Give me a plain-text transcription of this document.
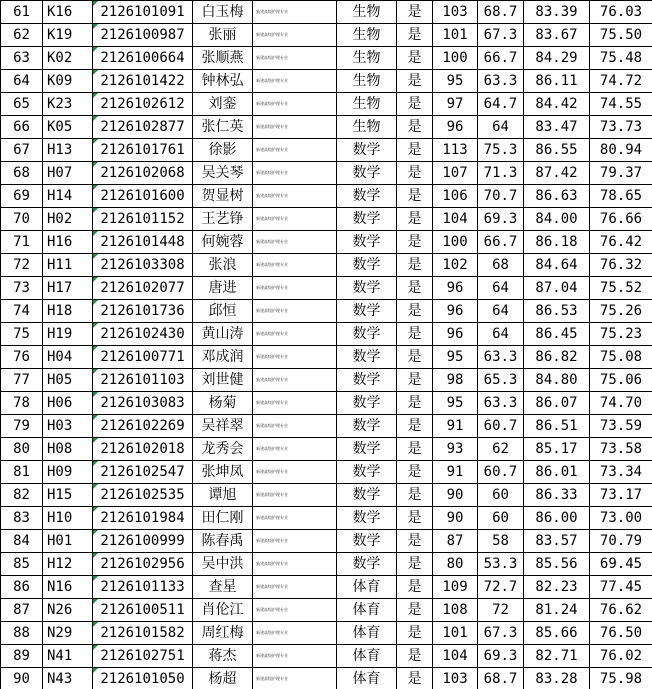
61	K16	2126101091	白玉梅	新建高级护理专业	生物	是	103	68.7	83.39	76.03
62	K19	2126100987	张丽	新建高级护理专业	生物	是	101	67.3	83.67	75.50
63	K02	2126100664	张顺燕	新建高级护理专业	生物	是	100	66.7	84.29	75.48
64	K09	2126101422	钟林弘	新建高级护理专业	生物	是	95	63.3	86.11	74.72
65	K23	2126102612	刘銮	新建高级护理专业	生物	是	97	64.7	84.42	74.55
66	K05	2126102877	张仁英	新建高级护理专业	生物	是	96	64	83.47	73.73
67	H13	2126101761	徐影	新建高级护理专业	数学	是	113	75.3	86.55	80.94
68	H07	2126102068	吴关琴	新建高级护理专业	数学	是	107	71.3	87.42	79.37
69	H14	2126101600	贺显树	新建高级护理专业	数学	是	106	70.7	86.63	78.65
70	H02	2126101152	王艺铮	新建高级护理专业	数学	是	104	69.3	84.00	76.66
71	H16	2126101448	何婉蓉	新建高级护理专业	数学	是	100	66.7	86.18	76.42
72	H11	2126103308	张浪	新建高级护理专业	数学	是	102	68	84.64	76.32
73	H17	2126102077	唐进	新建高级护理专业	数学	是	96	64	87.04	75.52
74	H18	2126101736	邱恒	新建高级护理专业	数学	是	96	64	86.53	75.26
75	H19	2126102430	黄山涛	新建高级护理专业	数学	是	96	64	86.45	75.23
76	H04	2126100771	邓成润	新建高级护理专业	数学	是	95	63.3	86.82	75.08
77	H05	2126101103	刘世健	新建高级护理专业	数学	是	98	65.3	84.80	75.06
78	H06	2126103083	杨菊	新建高级护理专业	数学	是	95	63.3	86.07	74.70
79	H03	2126102269	吴祥翠	新建高级护理专业	数学	是	91	60.7	86.51	73.59
80	H08	2126102018	龙秀会	新建高级护理专业	数学	是	93	62	85.17	73.58
81	H09	2126102547	张坤凤	新建高级护理专业	数学	是	91	60.7	86.01	73.34
82	H15	2126102535	谭旭	新建高级护理专业	数学	是	90	60	86.33	73.17
83	H10	2126101984	田仁刚	新建高级护理专业	数学	是	90	60	86.00	73.00
84	H01	2126100999	陈春禹	新建高级护理专业	数学	是	87	58	83.57	70.79
85	H12	2126102956	吴中洪	新建高级护理专业	数学	是	80	53.3	85.56	69.45
86	N16	2126101133	查星	新建高级护理专业	体育	是	109	72.7	82.23	77.45
87	N26	2126100511	肖伦江	新建高级护理专业	体育	是	108	72	81.24	76.62
88	N29	2126101582	周红梅	新建高级护理专业	体育	是	101	67.3	85.66	76.50
89	N41	2126102751	蒋杰	新建高级护理专业	体育	是	104	69.3	82.71	76.02
90	N43	2126101050	杨超	新建高级护理专业	体育	是	103	68.7	83.28	75.98
